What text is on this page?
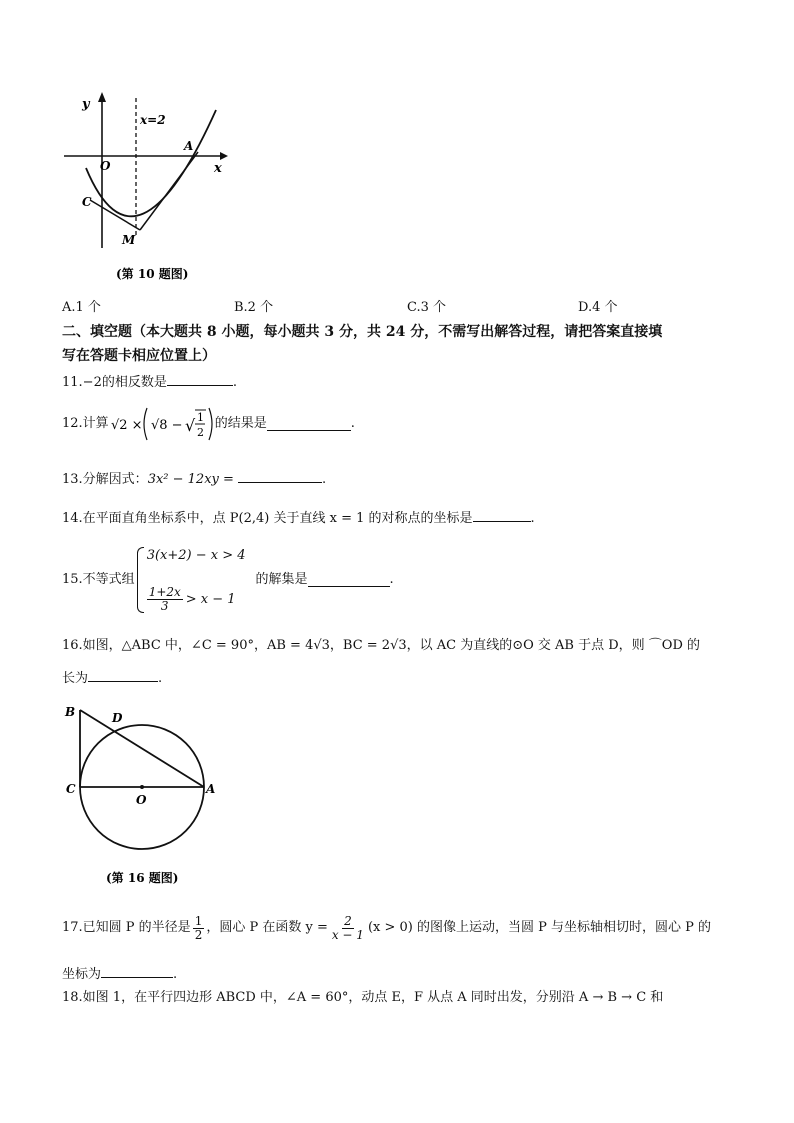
y
x
O
A
C
M
x=2
(第 10 题图)
A.1 个	B.2 个	C.3 个	D.4 个
二、填空题（本大题共 8 小题，每小题共 3 分，共 24 分，不需写出解答过程，请把答案直接填
写在答题卡相应位置上）
11.−2的相反数是	.
12.计算 √2 × √8 − √ 1
2
的结果是	.
13.分解因式：3x² − 12xy =	.
14.在平面直角坐标系中，点 P(2,4) 关于直线 x = 1 的对称点的坐标是	.
15.不等式组
3(x+2) − x > 4
$\frac{1+2x}{3} > x - 1$
的解集是	.
16.如图，△ABC 中，∠C = 90°，AB = 4√3，BC = 2√3，以 AC 为直线的⊙O 交 AB 于点 D，则 ⌒OD 的
长为	.
B	D
C
O
A
(第 16 题图)
17.已知圆 P 的半径是 $\frac{1}{2}$ ，圆心 P 在函数 $y = \frac{2}{x - 1} (x > 0)$ 的图像上运动，当圆 P 与坐标轴相切时，圆心 P 的
坐标为	.
18.如图 1，在平行四边形 ABCD 中，∠A = 60°，动点 E，F 从点 A 同时出发，分别沿 A → B → C 和
